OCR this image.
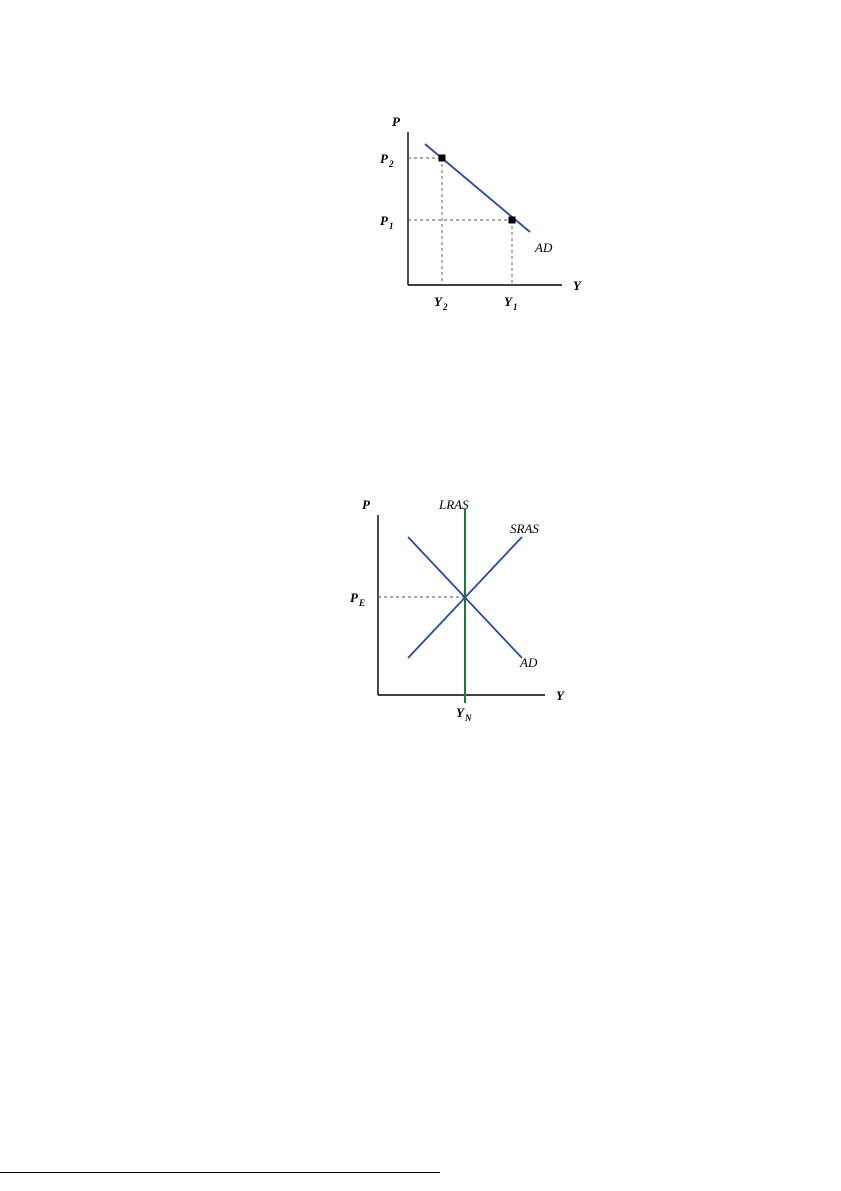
P
Y
P 2
P 1
Y 2	Y 1
AD
P
Y
LRAS
SRAS
AD
P E
Y N
